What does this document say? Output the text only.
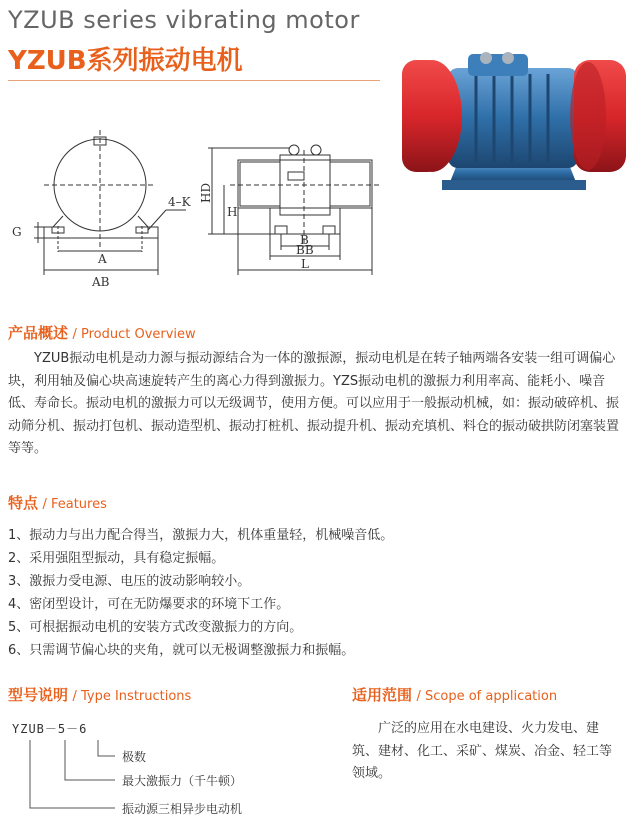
YZUB series vibrating motor
YZUB系列振动电机
A
AB
G
4–K HD
H
B
BB
L
产品概述 / Product Overview
YZUB振动电机是动力源与振动源结合为一体的激振源，振动电机是在转子轴两端各安装一组可调偏心块，利用轴及偏心块高速旋转产生的离心力得到激振力。YZS振动电机的激振力利用率高、能耗小、噪音低、寿命长。振动电机的激振力可以无级调节，使用方便。可以应用于一般振动机械，如：振动破碎机、振动筛分机、振动打包机、振动造型机、振动打桩机、振动提升机、振动充填机、料仓的振动破拱防闭塞装置等等。
特点 / Features
1、振动力与出力配合得当，激振力大，机体重量轻，机械噪音低。
2、采用强阻型振动，具有稳定振幅。
3、激振力受电源、电压的波动影响较小。
4、密闭型设计，可在无防爆要求的环境下工作。
5、可根据振动电机的安装方式改变激振力的方向。
6、只需调节偏心块的夹角，就可以无极调整激振力和振幅。
型号说明 / Type Instructions
YZUB－5－6
极数
最大激振力（千牛顿）
振动源三相异步电动机
适用范围 / Scope of application
广泛的应用在水电建设、火力发电、建筑、建材、化工、采矿、煤炭、冶金、轻工等领域。
